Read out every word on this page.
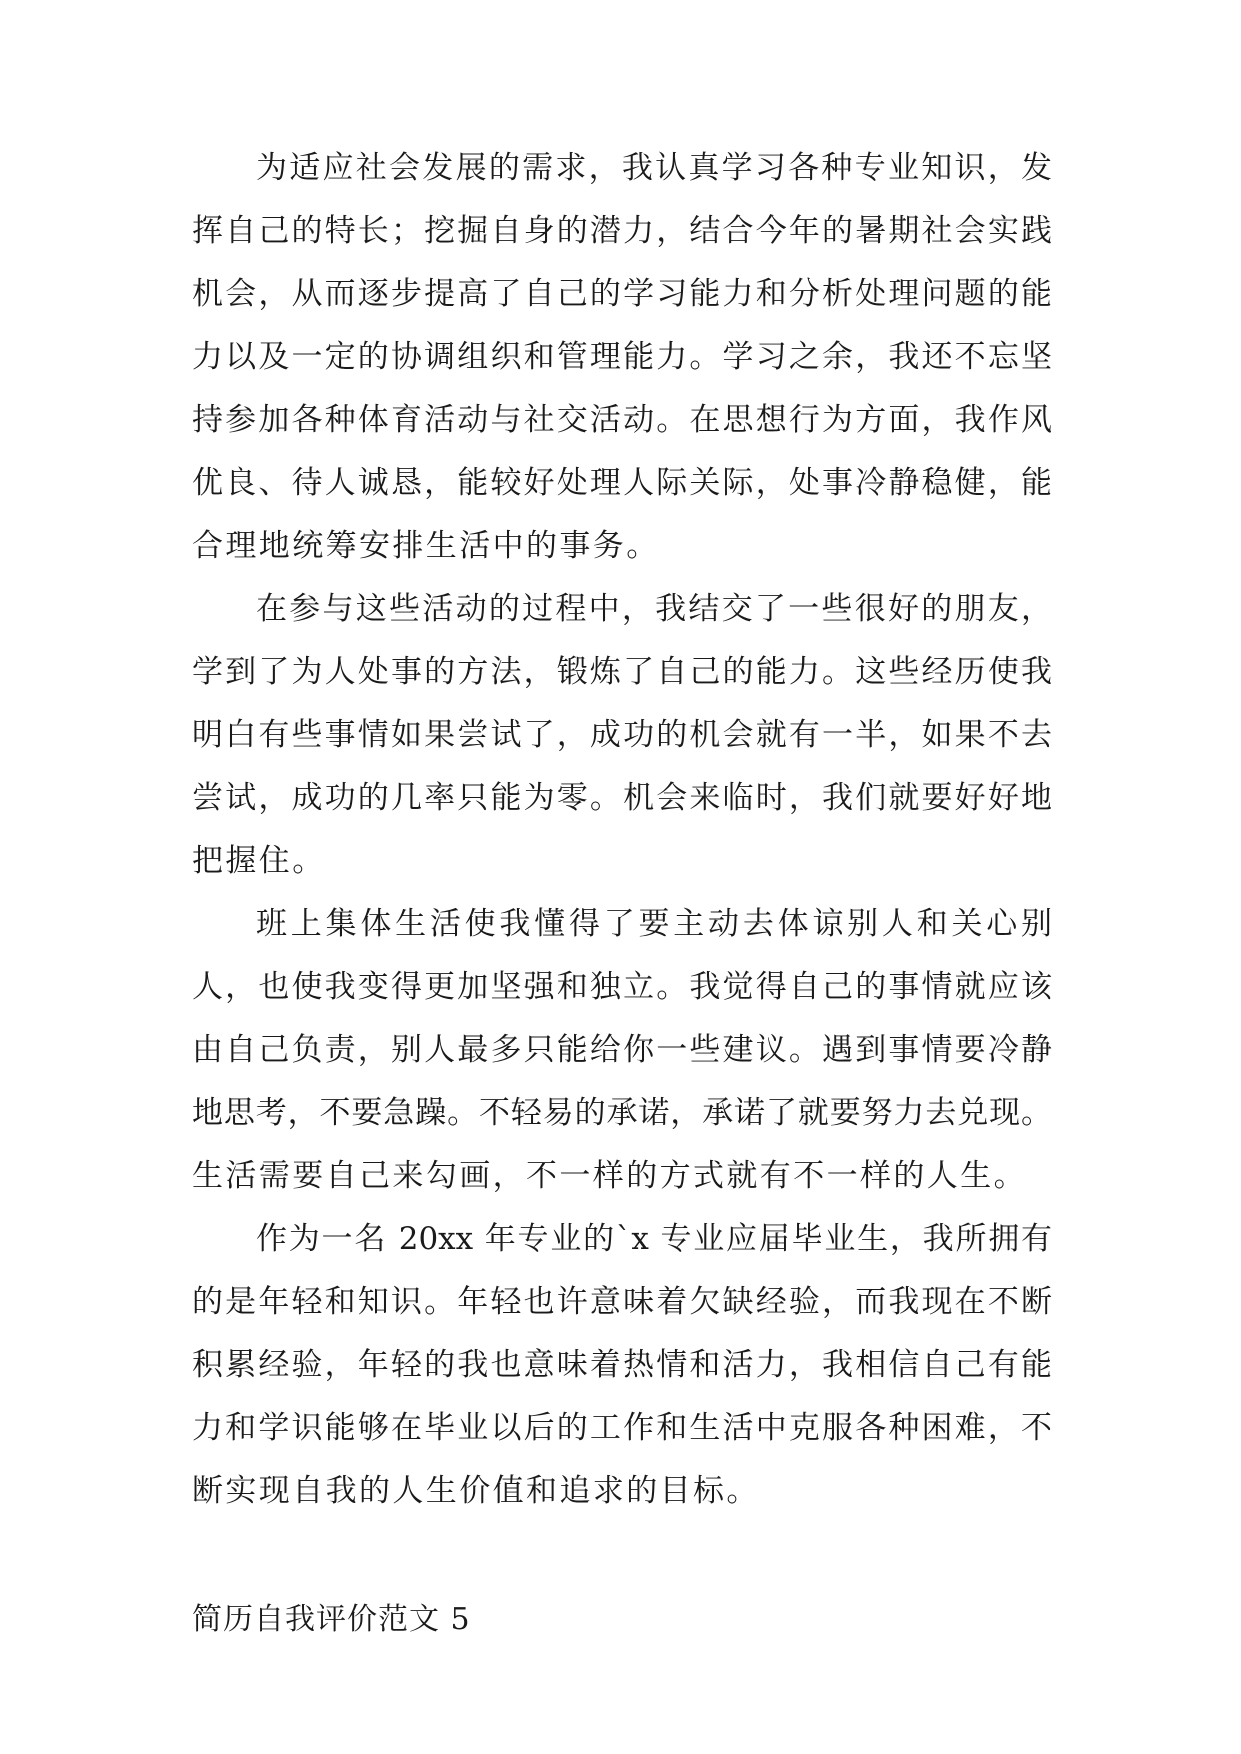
为适应社会发展的需求，我认真学习各种专业知识，发
挥自己的特长；挖掘自身的潜力，结合今年的暑期社会实践
机会，从而逐步提高了自己的学习能力和分析处理问题的能
力以及一定的协调组织和管理能力。学习之余，我还不忘坚
持参加各种体育活动与社交活动。在思想行为方面，我作风
优良、待人诚恳，能较好处理人际关际，处事冷静稳健，能
合理地统筹安排生活中的事务。
在参与这些活动的过程中，我结交了一些很好的朋友，
学到了为人处事的方法，锻炼了自己的能力。这些经历使我
明白有些事情如果尝试了，成功的机会就有一半，如果不去
尝试，成功的几率只能为零。机会来临时，我们就要好好地
把握住。
班上集体生活使我懂得了要主动去体谅别人和关心别
人，也使我变得更加坚强和独立。我觉得自己的事情就应该
由自己负责，别人最多只能给你一些建议。遇到事情要冷静
地思考，不要急躁。不轻易的承诺，承诺了就要努力去兑现。
生活需要自己来勾画，不一样的方式就有不一样的人生。
作为一名 20xx 年专业的`x 专业应届毕业生，我所拥有
的是年轻和知识。年轻也许意味着欠缺经验，而我现在不断
积累经验，年轻的我也意味着热情和活力，我相信自己有能
力和学识能够在毕业以后的工作和生活中克服各种困难，不
断实现自我的人生价值和追求的目标。
简历自我评价范文 5
